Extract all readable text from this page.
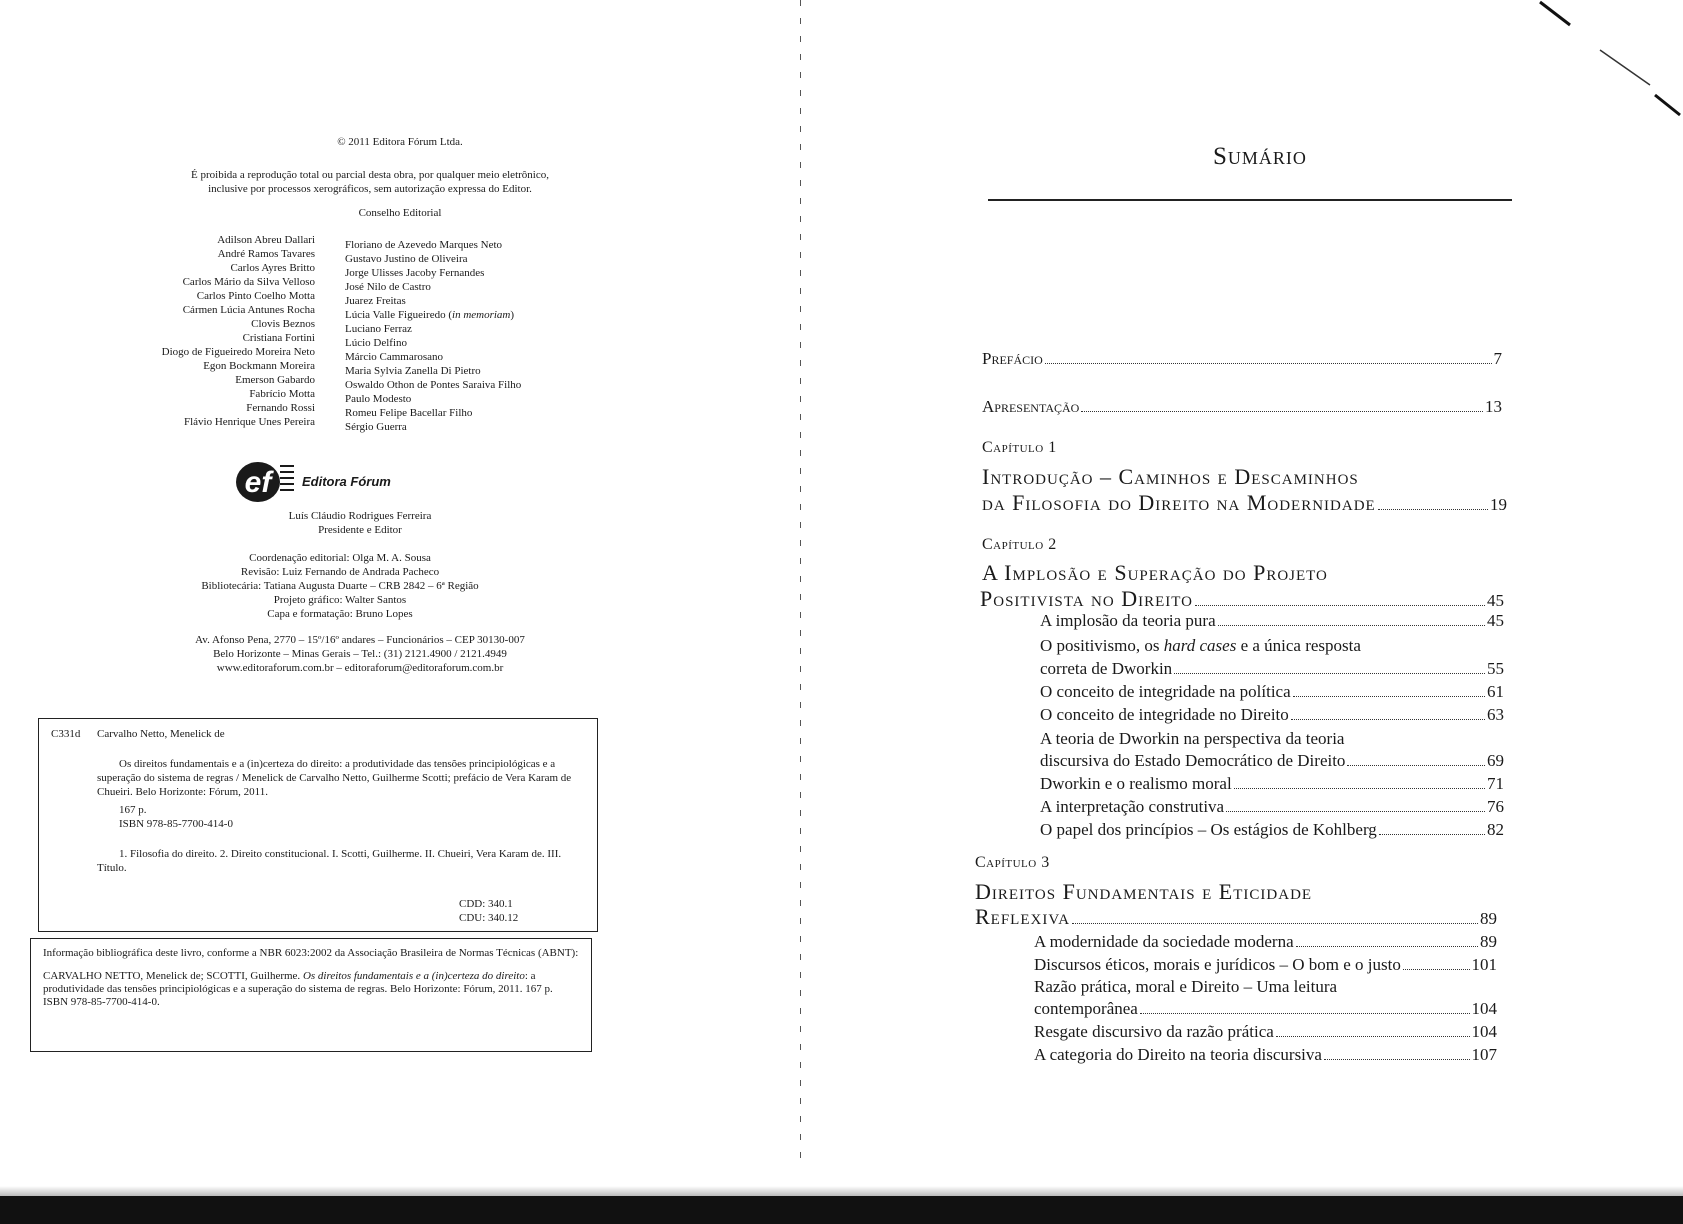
© 2011 Editora Fórum Ltda.
É proibida a reprodução total ou parcial desta obra, por qualquer meio eletrônico,
inclusive por processos xerográficos, sem autorização expressa do Editor.
Conselho Editorial
Adilson Abreu Dallari
André Ramos Tavares
Carlos Ayres Britto
Carlos Mário da Silva Velloso
Carlos Pinto Coelho Motta
Cármen Lúcia Antunes Rocha
Clovis Beznos
Cristiana Fortini
Diogo de Figueiredo Moreira Neto
Egon Bockmann Moreira
Emerson Gabardo
Fabrício Motta
Fernando Rossi
Flávio Henrique Unes Pereira
Floriano de Azevedo Marques Neto
Gustavo Justino de Oliveira
Jorge Ulisses Jacoby Fernandes
José Nilo de Castro
Juarez Freitas
Lúcia Valle Figueiredo (in memoriam)
Luciano Ferraz
Lúcio Delfino
Márcio Cammarosano
Maria Sylvia Zanella Di Pietro
Oswaldo Othon de Pontes Saraiva Filho
Paulo Modesto
Romeu Felipe Bacellar Filho
Sérgio Guerra
ef Editora Fórum
Luís Cláudio Rodrigues Ferreira
Presidente e Editor
Coordenação editorial: Olga M. A. Sousa
Revisão: Luiz Fernando de Andrada Pacheco
Bibliotecária: Tatiana Augusta Duarte – CRB 2842 – 6ª Região
Projeto gráfico: Walter Santos
Capa e formatação: Bruno Lopes
Av. Afonso Pena, 2770 – 15º/16º andares – Funcionários – CEP 30130-007
Belo Horizonte – Minas Gerais – Tel.: (31) 2121.4900 / 2121.4949
www.editoraforum.com.br – editoraforum@editoraforum.com.br
C331d Carvalho Netto, Menelick de
Os direitos fundamentais e a (in)certeza do direito: a produtividade das tensões principiológicas e a superação do sistema de regras / Menelick de Carvalho Netto, Guilherme Scotti; prefácio de Vera Karam de Chueiri. Belo Horizonte: Fórum, 2011.
167 p.
ISBN 978-85-7700-414-0
1. Filosofia do direito. 2. Direito constitucional. I. Scotti, Guilherme. II. Chueiri, Vera Karam de. III. Título.
CDD: 340.1
CDU: 340.12
Informação bibliográfica deste livro, conforme a NBR 6023:2002 da Associação Brasileira de Normas Técnicas (ABNT):
CARVALHO NETTO, Menelick de; SCOTTI, Guilherme. Os direitos fundamentais e a (in)certeza do direito: a produtividade das tensões principiológicas e a superação do sistema de regras. Belo Horizonte: Fórum, 2011. 167 p. ISBN 978-85-7700-414-0.
Sumário
Prefácio	7
Apresentação	13
Capítulo 1
Introdução – Caminhos e Descaminhos
da Filosofia do Direito na Modernidade	19
Capítulo 2
A Implosão e Superação do Projeto
Positivista no Direito	45
A implosão da teoria pura	45
O positivismo, os hard cases e a única resposta
correta de Dworkin	55
O conceito de integridade na política	61
O conceito de integridade no Direito	63
A teoria de Dworkin na perspectiva da teoria
discursiva do Estado Democrático de Direito	69
Dworkin e o realismo moral	71
A interpretação construtiva	76
O papel dos princípios – Os estágios de Kohlberg	82
Capítulo 3
Direitos Fundamentais e Eticidade
Reflexiva	89
A modernidade da sociedade moderna	89
Discursos éticos, morais e jurídicos – O bom e o justo	101
Razão prática, moral e Direito – Uma leitura
contemporânea	104
Resgate discursivo da razão prática	104
A categoria do Direito na teoria discursiva	107
